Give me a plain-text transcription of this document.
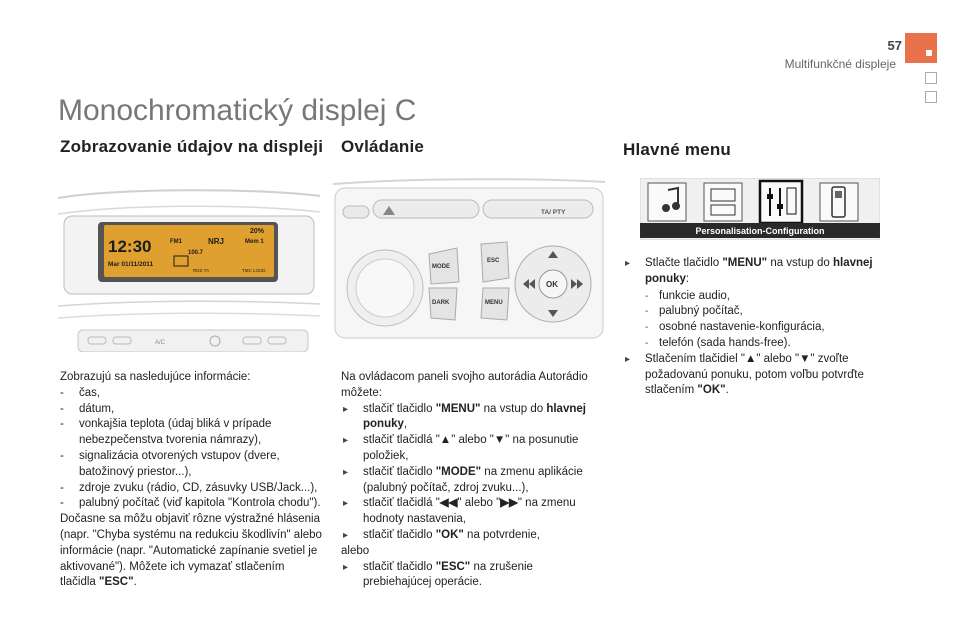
57
Multifunkčné displeje
Monochromatický displej C
Zobrazovanie údajov na displeji Ovládanie	Hlavné menu
12:30
Mar 01/11/2011
20%
FM1	NRJ	Mem 1
100.7
RDS TA	TMC LOUD
A/C
TA/ PTY
MODE
DARK
ESC
MENU
OK
Personalisation-Configuration

Zobrazujú sa nasledujúce informácie:

- čas,
- dátum,
- vonkajšia teplota (údaj bliká v prípade nebezpečenstva tvorenia námrazy),
- signalizácia otvorených vstupov (dvere, batožinový priestor...),
- zdroje zvuku (rádio, CD, zásuvky USB/Jack...),
- palubný počítač (viď kapitola "Kontrola chodu").

Dočasne sa môžu objaviť rôzne výstražné hlásenia (napr. "Chyba systému na redukciu škodlivín" alebo informácie (napr. "Automatické zapínanie svetiel je aktivované"). Môžete ich vymazať stlačením tlačidla "ESC".

Na ovládacom paneli svojho autorádia Autorádio môžete:

▸ stlačiť tlačidlo "MENU" na vstup do hlavnej ponuky,
▸ stlačiť tlačidlá "▲" alebo "▼" na posunutie položiek,
▸ stlačiť tlačidlo "MODE" na zmenu aplikácie (palubný počítač, zdroj zvuku...),
▸ stlačiť tlačidlá "◀◀" alebo "▶▶" na zmenu hodnoty nastavenia,
▸ stlačiť tlačidlo "OK" na potvrdenie,

alebo

▸ stlačiť tlačidlo "ESC" na zrušenie prebiehajúcej operácie.
▸ Stlačte tlačidlo "MENU" na vstup do hlavnej ponuky:
- funkcie audio,
- palubný počítač,
- osobné nastavenie-konfigurácia,
- telefón (sada hands-free).
▸ Stlačením tlačidiel "▲" alebo "▼" zvoľte požadovanú ponuku, potom voľbu potvrďte stlačením "OK".
